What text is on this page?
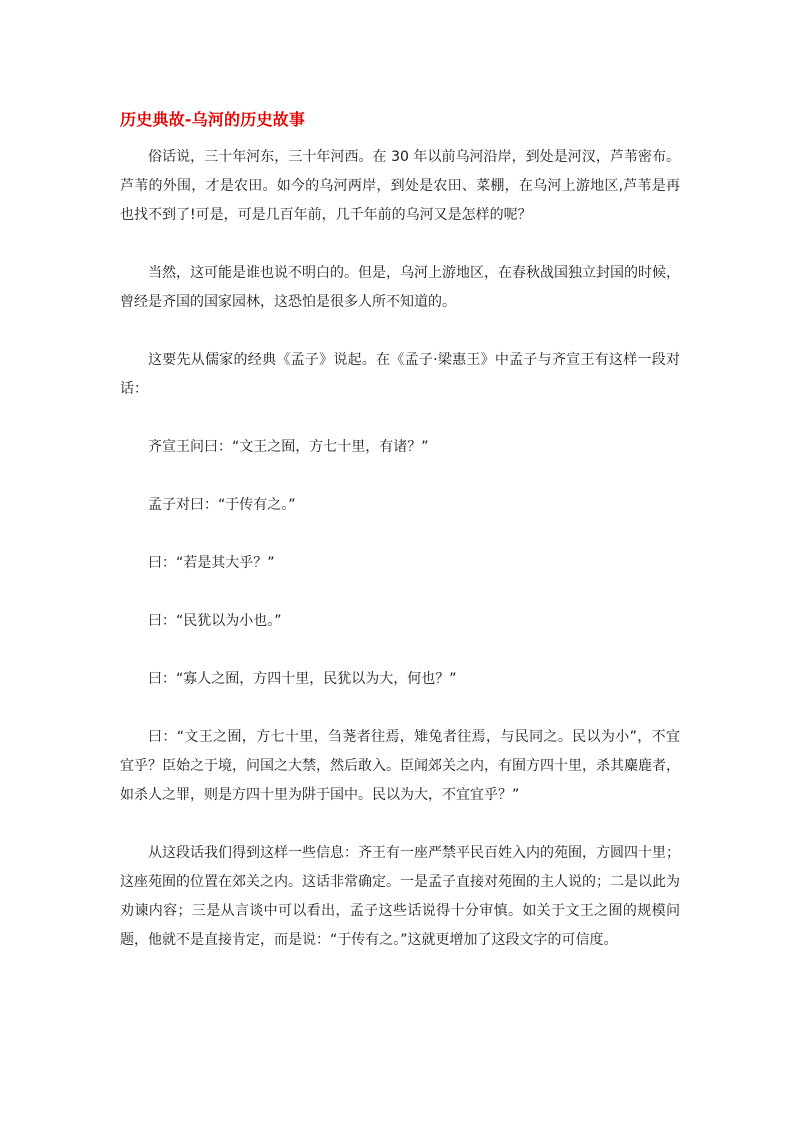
历史典故-乌河的历史故事

俗话说，三十年河东，三十年河西。在 30 年以前乌河沿岸，到处是河汊，芦苇密布。芦苇的外围，才是农田。如今的乌河两岸，到处是农田、菜棚，在乌河上游地区,芦苇是再也找不到了!可是，可是几百年前，几千年前的乌河又是怎样的呢？

当然，这可能是谁也说不明白的。但是，乌河上游地区，在春秋战国独立封国的时候，曾经是齐国的国家园林，这恐怕是很多人所不知道的。

这要先从儒家的经典《孟子》说起。在《孟子·梁惠王》中孟子与齐宣王有这样一段对话：

齐宣王问曰：“文王之囿，方七十里，有诸？”

孟子对曰：“于传有之。”

曰：“若是其大乎？”

曰：“民犹以为小也。”

曰：“寡人之囿，方四十里，民犹以为大，何也？”

曰：“文王之囿，方七十里，刍荛者往焉，雉兔者往焉，与民同之。民以为小”，不宜宜乎？臣始之于境，问国之大禁，然后敢入。臣闻郊关之内，有囿方四十里，杀其麋鹿者，如杀人之罪，则是方四十里为阱于国中。民以为大，不宜宜乎？”

从这段话我们得到这样一些信息：齐王有一座严禁平民百姓入内的苑囿，方圆四十里；这座苑囿的位置在郊关之内。这话非常确定。一是孟子直接对苑囿的主人说的；二是以此为劝谏内容；三是从言谈中可以看出，孟子这些话说得十分审慎。如关于文王之囿的规模问题，他就不是直接肯定，而是说：“于传有之。”这就更增加了这段文字的可信度。
